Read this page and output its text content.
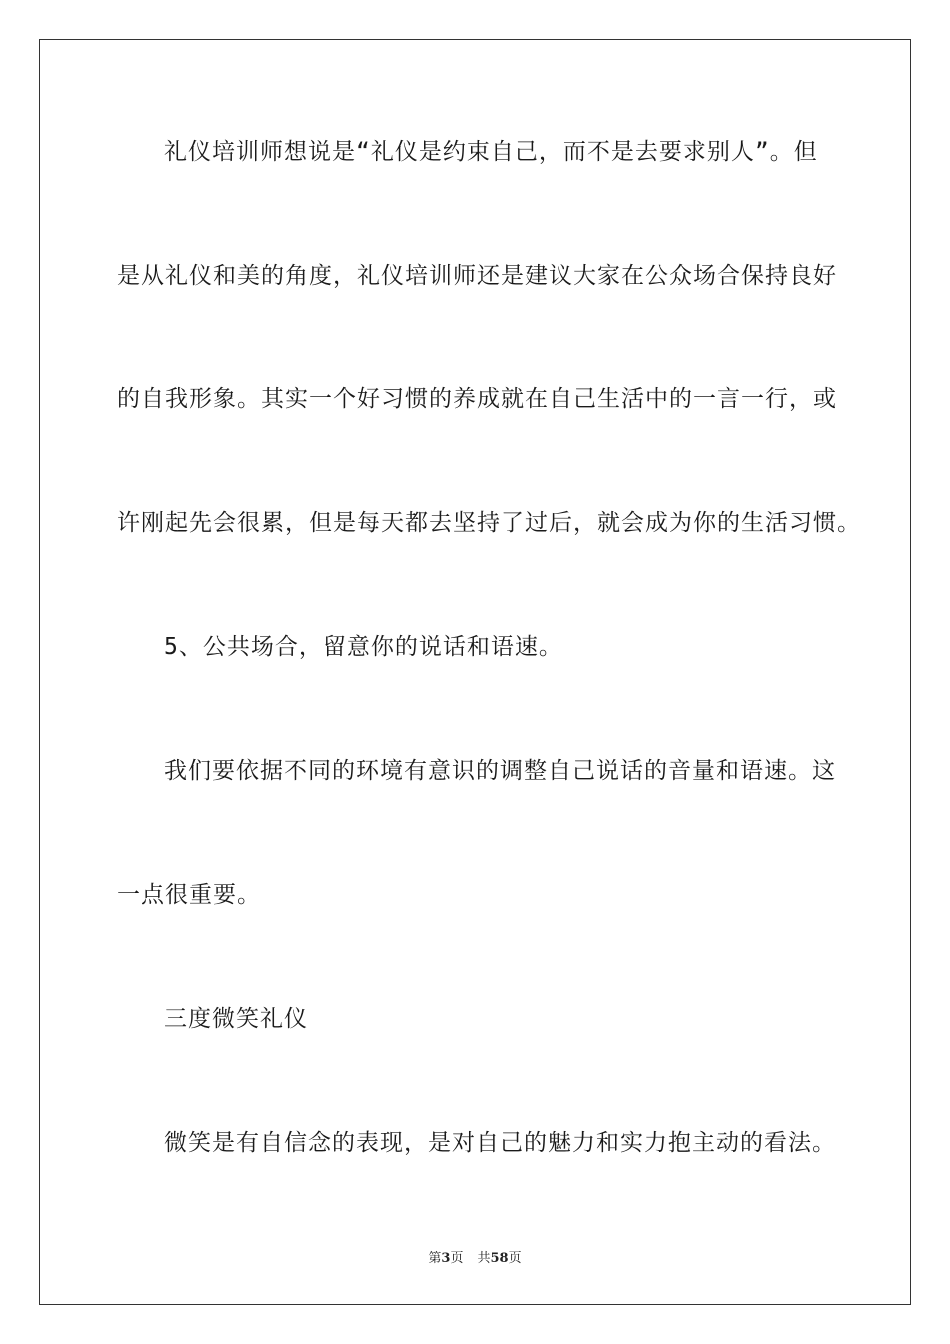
礼仪培训师想说是“礼仪是约束自己，而不是去要求别人”。但
是从礼仪和美的角度，礼仪培训师还是建议大家在公众场合保持良好
的自我形象。其实一个好习惯的养成就在自己生活中的一言一行，或
许刚起先会很累，但是每天都去坚持了过后，就会成为你的生活习惯。
5、公共场合，留意你的说话和语速。
我们要依据不同的环境有意识的调整自己说话的音量和语速。这
一点很重要。
三度微笑礼仪
微笑是有自信念的表现，是对自己的魅力和实力抱主动的看法。
第3页 共58页
